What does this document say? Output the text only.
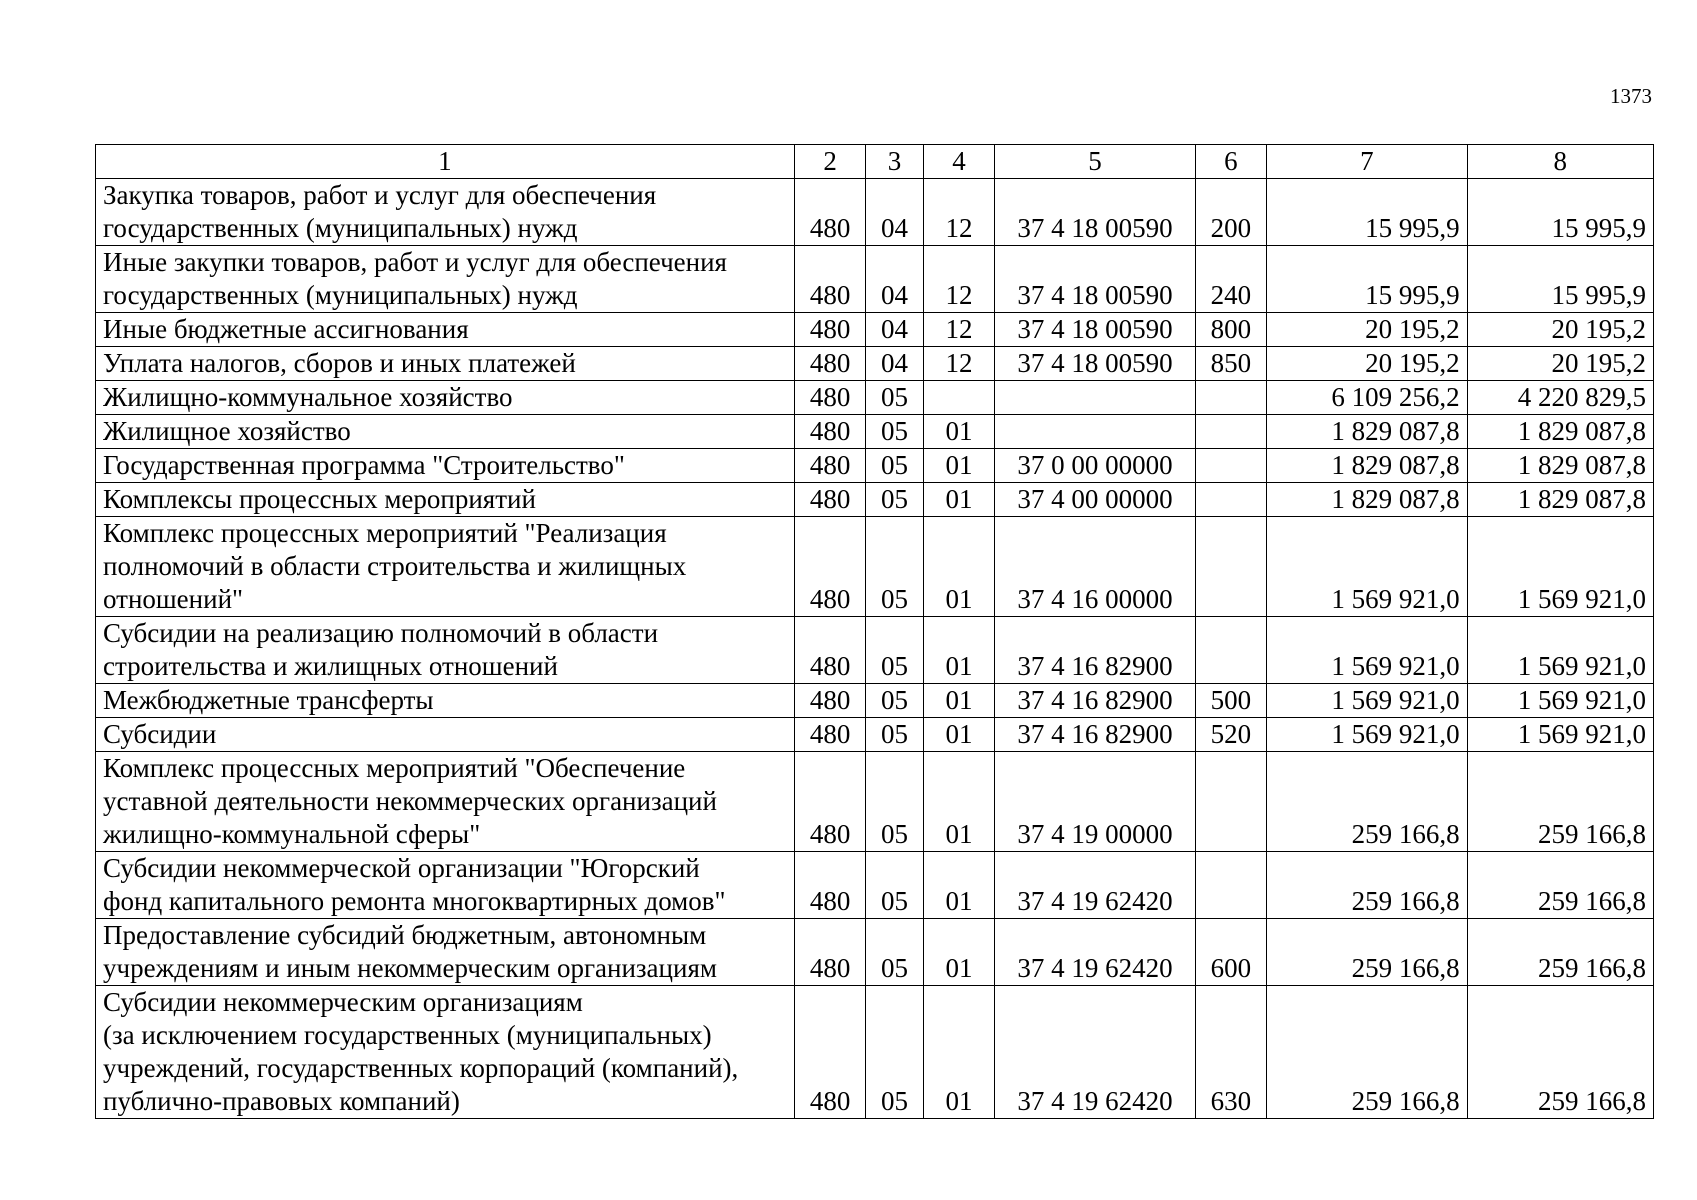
1373
1	2	3	4	5	6	7	8

Закупка товаров, работ и услуг для обеспечения
государственных (муниципальных) нужд	480	04	12	37 4 18 00590	200	15 995,9	15 995,9

Иные закупки товаров, работ и услуг для обеспечения
государственных (муниципальных) нужд	480	04	12	37 4 18 00590	240	15 995,9	15 995,9

Иные бюджетные ассигнования	480	04	12	37 4 18 00590	800	20 195,2	20 195,2

Уплата налогов, сборов и иных платежей	480	04	12	37 4 18 00590	850	20 195,2	20 195,2

Жилищно-коммунальное хозяйство	480	05				6 109 256,2	4 220 829,5

Жилищное хозяйство	480	05	01			1 829 087,8	1 829 087,8

Государственная программа "Строительство"	480	05	01	37 0 00 00000		1 829 087,8	1 829 087,8

Комплексы процессных мероприятий	480	05	01	37 4 00 00000		1 829 087,8	1 829 087,8

Комплекс процессных мероприятий "Реализация
полномочий в области строительства и жилищных
отношений"	480	05	01	37 4 16 00000		1 569 921,0	1 569 921,0

Субсидии на реализацию полномочий в области
строительства и жилищных отношений	480	05	01	37 4 16 82900		1 569 921,0	1 569 921,0

Межбюджетные трансферты	480	05	01	37 4 16 82900	500	1 569 921,0	1 569 921,0

Субсидии	480	05	01	37 4 16 82900	520	1 569 921,0	1 569 921,0

Комплекс процессных мероприятий "Обеспечение
уставной деятельности некоммерческих организаций
жилищно-коммунальной сферы"	480	05	01	37 4 19 00000		259 166,8	259 166,8

Субсидии некоммерческой организации "Югорский
фонд капитального ремонта многоквартирных домов"	480	05	01	37 4 19 62420		259 166,8	259 166,8

Предоставление субсидий бюджетным, автономным
учреждениям и иным некоммерческим организациям	480	05	01	37 4 19 62420	600	259 166,8	259 166,8

Субсидии некоммерческим организациям
(за исключением государственных (муниципальных)
учреждений, государственных корпораций (компаний),
публично-правовых компаний)	480	05	01	37 4 19 62420	630	259 166,8	259 166,8
